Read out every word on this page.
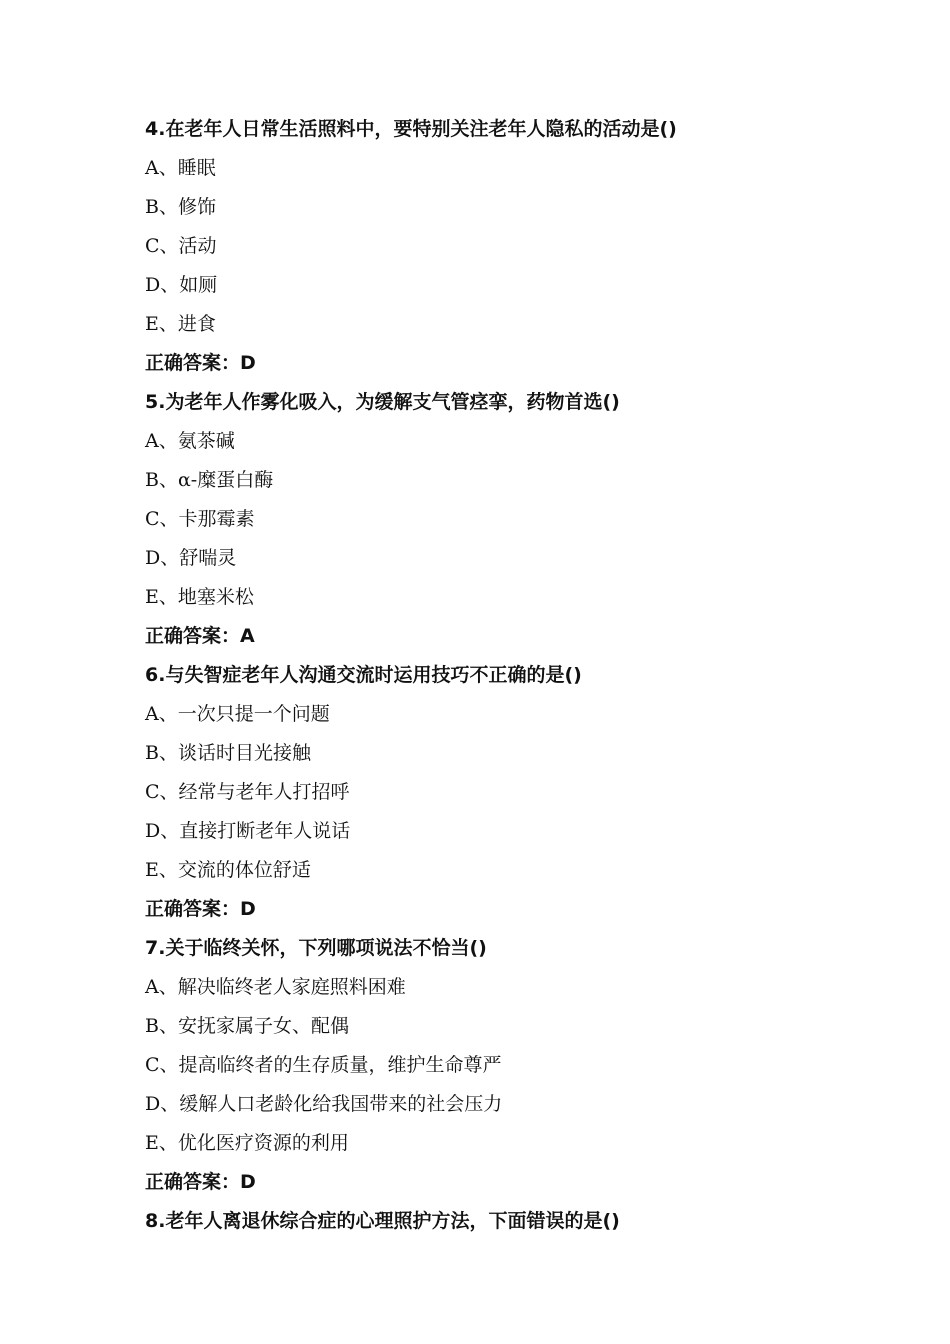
4.在老年人日常生活照料中，要特别关注老年人隐私的活动是()
A、睡眠
B、修饰
C、活动
D、如厕
E、进食
正确答案：D
5.为老年人作雾化吸入，为缓解支气管痉挛，药物首选()
A、氨茶碱
B、α-糜蛋白酶
C、卡那霉素
D、舒喘灵
E、地塞米松
正确答案：A
6.与失智症老年人沟通交流时运用技巧不正确的是()
A、一次只提一个问题
B、谈话时目光接触
C、经常与老年人打招呼
D、直接打断老年人说话
E、交流的体位舒适
正确答案：D
7.关于临终关怀，下列哪项说法不恰当()
A、解决临终老人家庭照料困难
B、安抚家属子女、配偶
C、提高临终者的生存质量，维护生命尊严
D、缓解人口老龄化给我国带来的社会压力
E、优化医疗资源的利用
正确答案：D
8.老年人离退休综合症的心理照护方法，下面错误的是()
